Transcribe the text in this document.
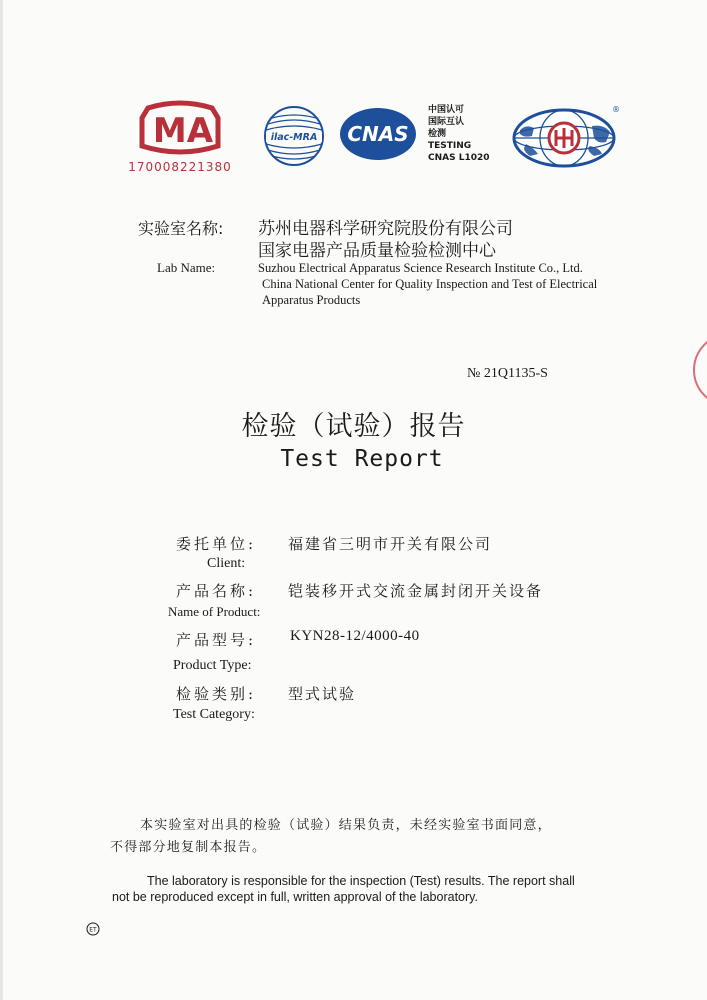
MA
170008221380
ilac-MRA CNAS
中国认可
国际互认
检测
TESTING
CNAS L1020
®
实验室名称: 苏州电器科学研究院股份有限公司
国家电器产品质量检验检测中心
Lab Name:	Suzhou Electrical Apparatus Science Research Institute Co., Ltd.
China National Center for Quality Inspection and Test of Electrical
Apparatus Products
№ 21Q1135-S
检验（试验）报告
Test Report
委托单位: 福建省三明市开关有限公司
Client:
产品名称: 铠装移开式交流金属封闭开关设备
Name of Product:
产品型号: KYN28-12/4000-40
Product Type:
检验类别: 型式试验
Test Category:
本实验室对出具的检验（试验）结果负责，未经实验室书面同意，
不得部分地复制本报告。
The laboratory is responsible for the inspection (Test) results. The report shall
not be reproduced except in full, written approval of the laboratory.
ET
